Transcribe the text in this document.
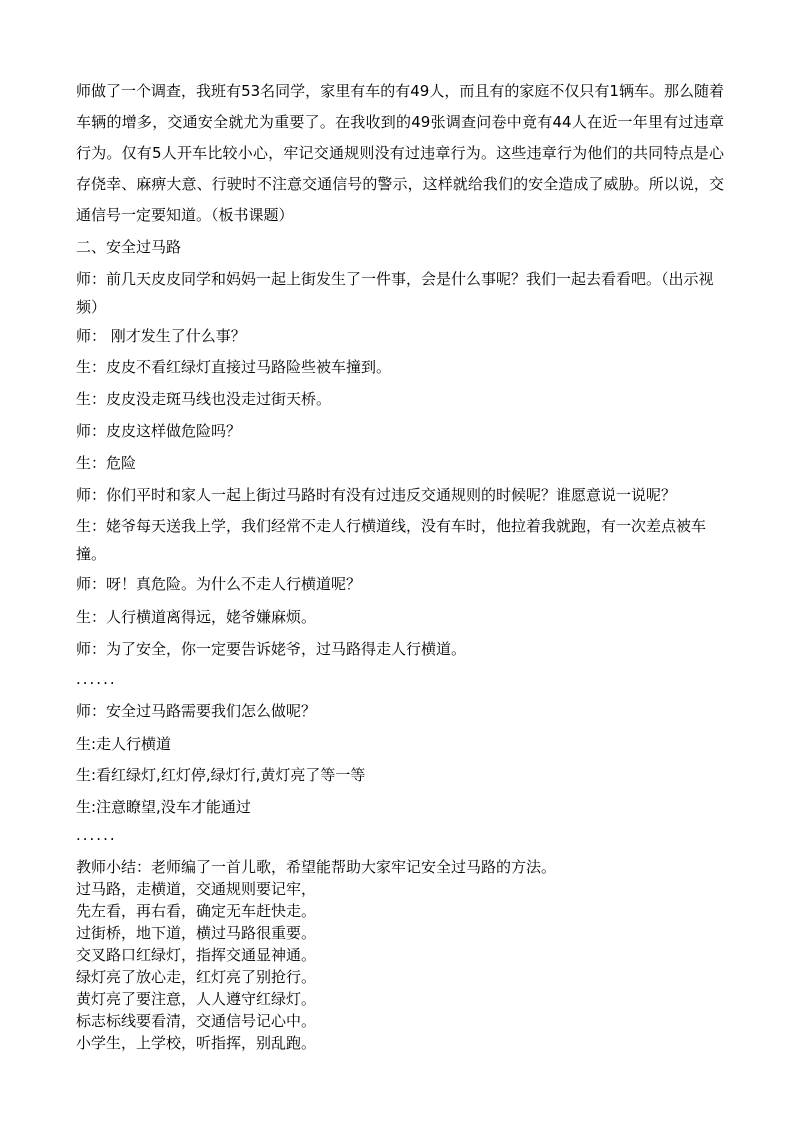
师做了一个调查，我班有53名同学，家里有车的有49人，而且有的家庭不仅只有1辆车。那么随着车辆的增多，交通安全就尤为重要了。在我收到的49张调查问卷中竟有44人在近一年里有过违章行为。仅有5人开车比较小心，牢记交通规则没有过违章行为。这些违章行为他们的共同特点是心存侥幸、麻痹大意、行驶时不注意交通信号的警示，这样就给我们的安全造成了威胁。所以说，交通信号一定要知道。（板书课题）

二、安全过马路

师：前几天皮皮同学和妈妈一起上街发生了一件事，会是什么事呢？我们一起去看看吧。（出示视频）

师： 刚才发生了什么事？

生：皮皮不看红绿灯直接过马路险些被车撞到。

生：皮皮没走斑马线也没走过街天桥。

师：皮皮这样做危险吗？

生：危险

师：你们平时和家人一起上街过马路时有没有过违反交通规则的时候呢？谁愿意说一说呢？

生：姥爷每天送我上学，我们经常不走人行横道线，没有车时，他拉着我就跑，有一次差点被车撞。

师：呀！真危险。为什么不走人行横道呢？

生：人行横道离得远，姥爷嫌麻烦。

师：为了安全，你一定要告诉姥爷，过马路得走人行横道。

......

师：安全过马路需要我们怎么做呢？

生:走人行横道

生:看红绿灯,红灯停,绿灯行,黄灯亮了等一等

生:注意瞭望,没车才能通过

......

教师小结：老师编了一首儿歌，希望能帮助大家牢记安全过马路的方法。
过马路，走横道，交通规则要记牢，
先左看，再右看，确定无车赶快走。
过街桥，地下道，横过马路很重要。
交叉路口红绿灯，指挥交通显神通。
绿灯亮了放心走，红灯亮了别抢行。
黄灯亮了要注意，人人遵守红绿灯。
标志标线要看清，交通信号记心中。
小学生，上学校，听指挥，别乱跑。
